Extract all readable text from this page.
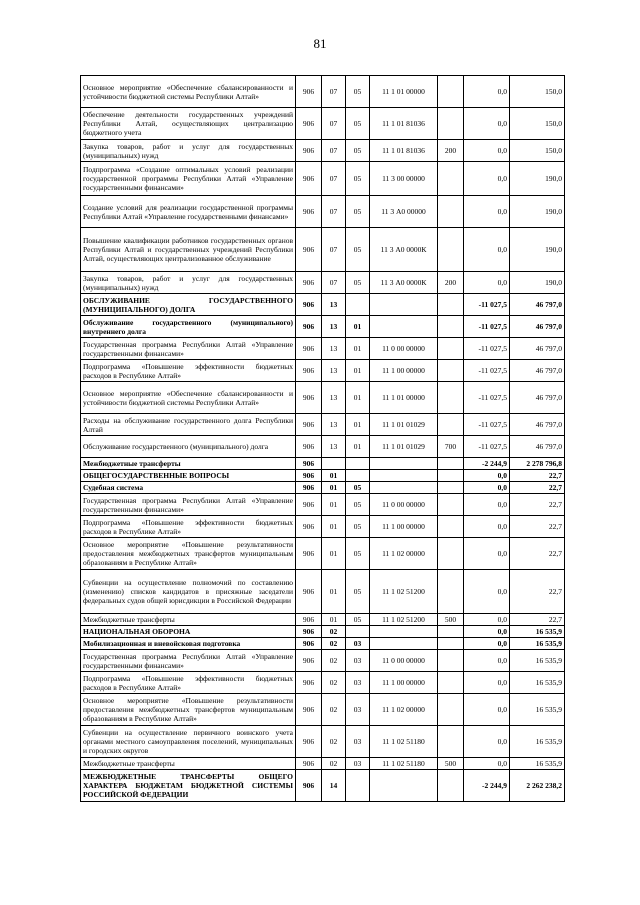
81
Основное мероприятие «Обеспечение сбалансированности и устойчивости бюджетной системы Республики Алтай»	906	07	05	11 1 01 00000		0,0	150,0
Обеспечение деятельности государственных учреждений Республики Алтай, осуществляющих централизацию бюджетного учета	906	07	05	11 1 01 81036		0,0	150,0
Закупка товаров, работ и услуг для государственных (муниципальных) нужд	906	07	05	11 1 01 81036	200	0,0	150,0
Подпрограмма «Создание оптимальных условий реализации государственной программы Республики Алтай «Управление государственными финансами»	906	07	05	11 3 00 00000		0,0	190,0
Создание условий для реализации государственной программы Республики Алтай «Управление государственными финансами»	906	07	05	11 3 А0 00000		0,0	190,0
Повышение квалификации работников государственных органов Республики Алтай и государственных учреждений Республики Алтай, осуществляющих централизованное обслуживание	906	07	05	11 3 А0 0000К		0,0	190,0
Закупка товаров, работ и услуг для государственных (муниципальных) нужд	906	07	05	11 3 А0 0000К	200	0,0	190,0
ОБСЛУЖИВАНИЕ ГОСУДАРСТВЕННОГО (МУНИЦИПАЛЬНОГО) ДОЛГА	906	13				-11 027,5	46 797,0
Обслуживание государственного (муниципального) внутреннего долга	906	13	01			-11 027,5	46 797,0
Государственная программа Республики Алтай «Управление государственными финансами»	906	13	01	11 0 00 00000		-11 027,5	46 797,0
Подпрограмма «Повышение эффективности бюджетных расходов в Республике Алтай»	906	13	01	11 1 00 00000		-11 027,5	46 797,0
Основное мероприятие «Обеспечение сбалансированности и устойчивости бюджетной системы Республики Алтай»	906	13	01	11 1 01 00000		-11 027,5	46 797,0
Расходы на обслуживание государственного долга Республики Алтай	906	13	01	11 1 01 01029		-11 027,5	46 797,0
Обслуживание государственного (муниципального) долга	906	13	01	11 1 01 01029	700	-11 027,5	46 797,0
Межбюджетные трансферты	906					-2 244,9	2 278 796,8
ОБЩЕГОСУДАРСТВЕННЫЕ ВОПРОСЫ	906	01				0,0	22,7
Судебная система	906	01	05			0,0	22,7
Государственная программа Республики Алтай «Управление государственными финансами»	906	01	05	11 0 00 00000		0,0	22,7
Подпрограмма «Повышение эффективности бюджетных расходов в Республике Алтай»	906	01	05	11 1 00 00000		0,0	22,7
Основное мероприятие «Повышение результативности предоставления межбюджетных трансфертов муниципальным образованиям в Республике Алтай»	906	01	05	11 1 02 00000		0,0	22,7
Субвенции на осуществление полномочий по составлению (изменению) списков кандидатов в присяжные заседатели федеральных судов общей юрисдикции в Российской Федерации	906	01	05	11 1 02 51200		0,0	22,7
Межбюджетные трансферты	906	01	05	11 1 02 51200	500	0,0	22,7
НАЦИОНАЛЬНАЯ ОБОРОНА	906	02				0,0	16 535,9
Мобилизационная и вневойсковая подготовка	906	02	03			0,0	16 535,9
Государственная программа Республики Алтай «Управление государственными финансами»	906	02	03	11 0 00 00000		0,0	16 535,9
Подпрограмма «Повышение эффективности бюджетных расходов в Республике Алтай»	906	02	03	11 1 00 00000		0,0	16 535,9
Основное мероприятие «Повышение результативности предоставления межбюджетных трансфертов муниципальным образованиям в Республике Алтай»	906	02	03	11 1 02 00000		0,0	16 535,9
Субвенции на осуществление первичного воинского учета органами местного самоуправления поселений, муниципальных и городских округов	906	02	03	11 1 02 51180		0,0	16 535,9
Межбюджетные трансферты	906	02	03	11 1 02 51180	500	0,0	16 535,9
МЕЖБЮДЖЕТНЫЕ ТРАНСФЕРТЫ ОБЩЕГО ХАРАКТЕРА БЮДЖЕТАМ БЮДЖЕТНОЙ СИСТЕМЫ РОССИЙСКОЙ ФЕДЕРАЦИИ	906	14				-2 244,9	2 262 238,2
